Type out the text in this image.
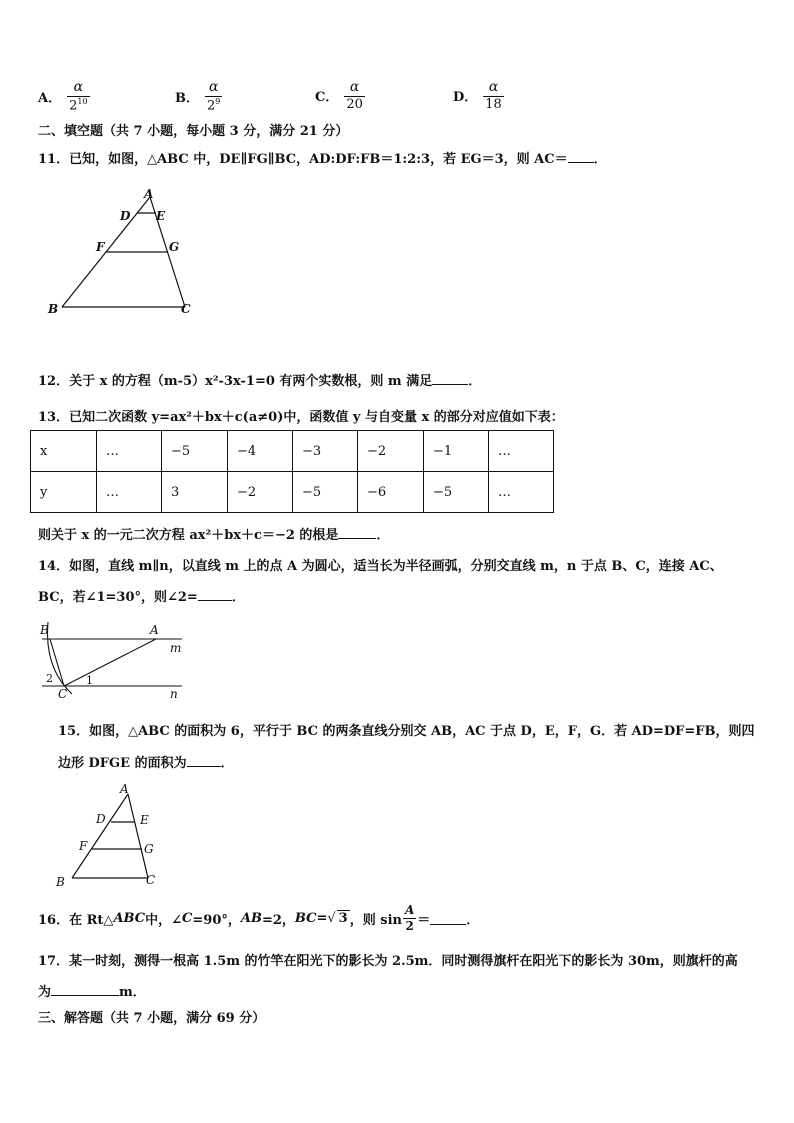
A． $\frac{\alpha}{2^{10}}$	B． $\frac{\alpha}{2^9}$	C． $\frac{\alpha}{20}$	D． $\frac{\alpha}{18}$
二、填空题（共 7 小题，每小题 3 分，满分 21 分）
11．已知，如图，△ABC 中，DE∥FG∥BC，AD:DF:FB＝1:2:3，若 EG＝3，则 AC＝ ．
A
D E
F	G
B	C
12．关于 x 的方程（m-5）x²-3x-1=0 有两个实数根，则 m 满足	．
13．已知二次函数 y=ax²＋bx＋c(a≠0)中，函数值 y 与自变量 x 的部分对应值如下表：
x	…	−5	−4	−3	−2	−1	…
y	…	3	−2	−5	−6	−5	…
则关于 x 的一元二次方程 ax²＋bx＋c＝−2 的根是	．
14．如图，直线 m∥n，以直线 m 上的点 A 为圆心，适当长为半径画弧，分别交直线 m，n 于点 B、C，连接 AC、
BC，若∠1=30°，则∠2=	．
B	A
m
n
C
1
2
15．如图，△ABC 的面积为 6，平行于 BC 的两条直线分别交 AB，AC 于点 D，E，F，G．若 AD=DF=FB，则四
边形 DFGE 的面积为	．
A
D	E
F	G
B	C
16．在 Rt△ ABC 中，∠ C =90°， AB =2， BC = √ 3 ，则 $\sin \frac{A}{2}$ ＝	．
17．某一时刻，测得一根高 1.5m 的竹竿在阳光下的影长为 2.5m．同时测得旗杆在阳光下的影长为 30m，则旗杆的高
为	m．
三、解答题（共 7 小题，满分 69 分）
